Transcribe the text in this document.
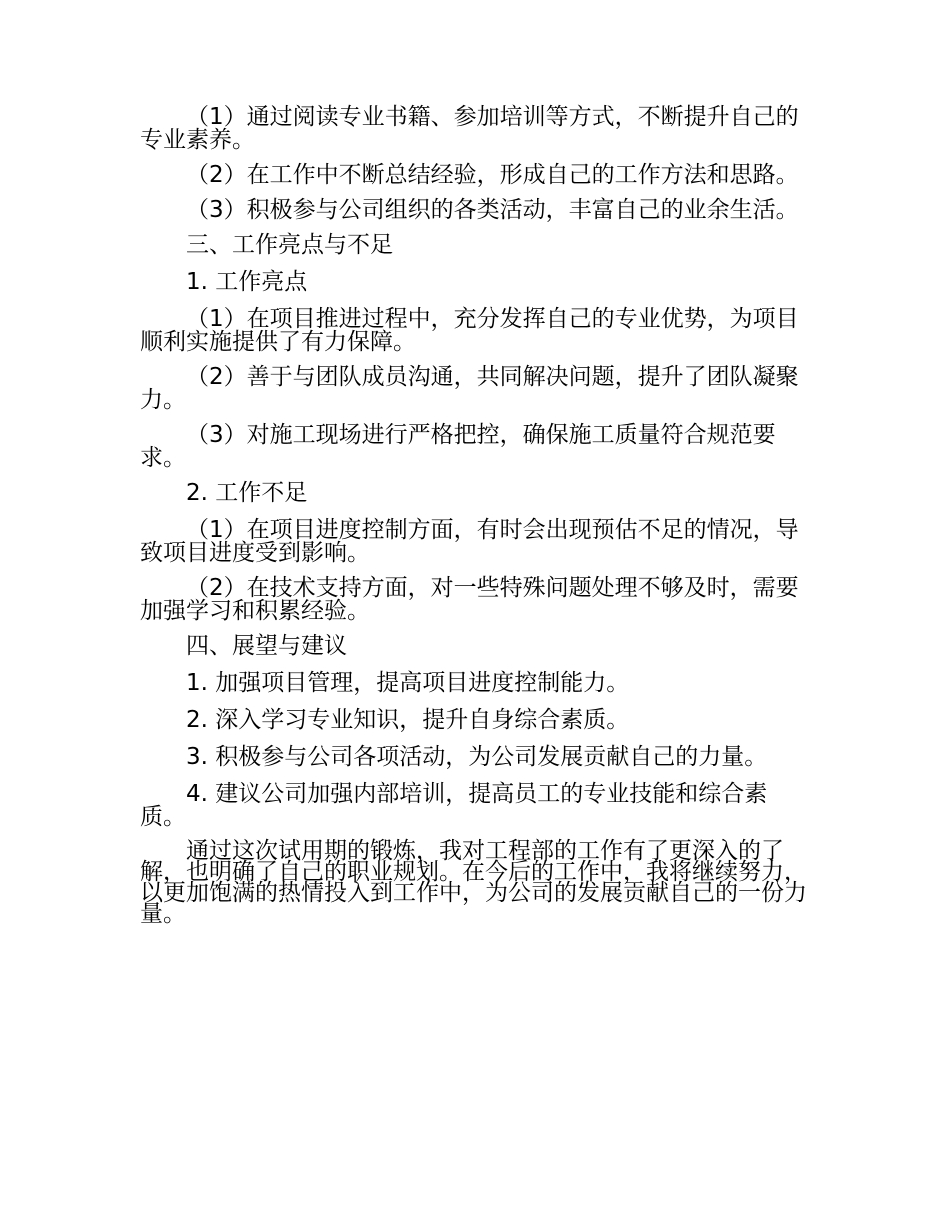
（1）通过阅读专业书籍、参加培训等方式，不断提升自己的专业素养。

（2）在工作中不断总结经验，形成自己的工作方法和思路。

（3）积极参与公司组织的各类活动，丰富自己的业余生活。

三、工作亮点与不足

1. 工作亮点

（1）在项目推进过程中，充分发挥自己的专业优势，为项目顺利实施提供了有力保障。

（2）善于与团队成员沟通，共同解决问题，提升了团队凝聚力。

（3）对施工现场进行严格把控，确保施工质量符合规范要求。

2. 工作不足

（1）在项目进度控制方面，有时会出现预估不足的情况，导致项目进度受到影响。

（2）在技术支持方面，对一些特殊问题处理不够及时，需要加强学习和积累经验。

四、展望与建议

1. 加强项目管理，提高项目进度控制能力。

2. 深入学习专业知识，提升自身综合素质。

3. 积极参与公司各项活动，为公司发展贡献自己的力量。

4. 建议公司加强内部培训，提高员工的专业技能和综合素质。

通过这次试用期的锻炼，我对工程部的工作有了更深入的了解，也明确了自己的职业规划。在今后的工作中，我将继续努力，以更加饱满的热情投入到工作中，为公司的发展贡献自己的一份力量。
